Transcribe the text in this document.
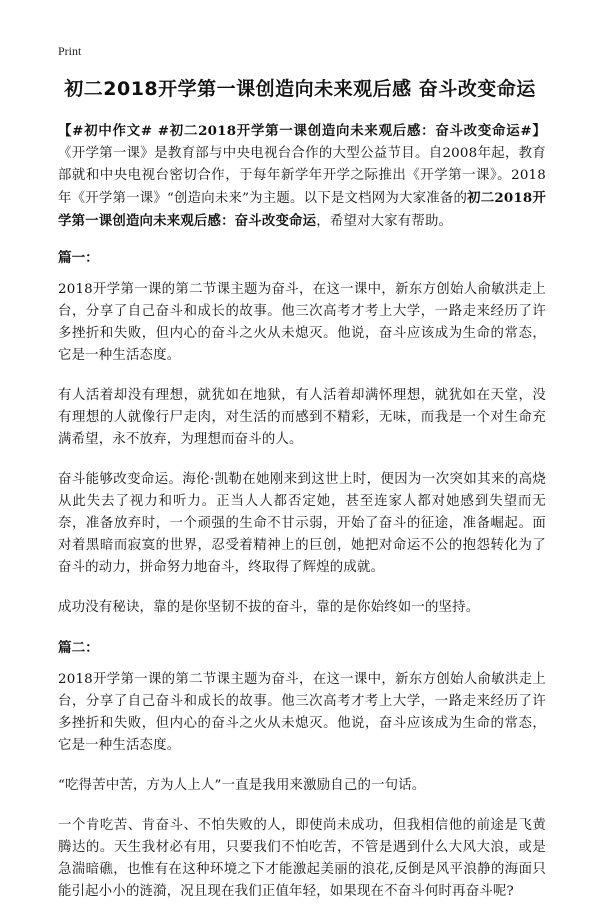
Print
初二2018开学第一课创造向未来观后感 奋斗改变命运

【#初中作文# #初二2018开学第一课创造向未来观后感：奋斗改变命运#】《开学第一课》是教育部与中央电视台合作的大型公益节目。自2008年起，教育部就和中央电视台密切合作，于每年新学年开学之际推出《开学第一课》。2018年《开学第一课》“创造向未来”为主题。以下是文档网为大家准备的初二2018开学第一课创造向未来观后感：奋斗改变命运，希望对大家有帮助。

篇一：

2018开学第一课的第二节课主题为奋斗，在这一课中，新东方创始人俞敏洪走上台，分享了自己奋斗和成长的故事。他三次高考才考上大学，一路走来经历了许多挫折和失败，但内心的奋斗之火从未熄灭。他说，奋斗应该成为生命的常态，它是一种生活态度。

有人活着却没有理想，就犹如在地狱，有人活着却满怀理想，就犹如在天堂，没有理想的人就像行尸走肉，对生活的而感到不精彩，无味，而我是一个对生命充满希望，永不放弃，为理想而奋斗的人。

奋斗能够改变命运。海伦·凯勒在她刚来到这世上时，便因为一次突如其来的高烧从此失去了视力和听力。正当人人都否定她，甚至连家人都对她感到失望而无奈，准备放弃时，一个顽强的生命不甘示弱，开始了奋斗的征途，准备崛起。面对着黑暗而寂寞的世界，忍受着精神上的巨创，她把对命运不公的抱怨转化为了奋斗的动力，拼命努力地奋斗，终取得了辉煌的成就。

成功没有秘诀，靠的是你坚韧不拔的奋斗，靠的是你始终如一的坚持。

篇二：

2018开学第一课的第二节课主题为奋斗，在这一课中，新东方创始人俞敏洪走上台，分享了自己奋斗和成长的故事。他三次高考才考上大学，一路走来经历了许多挫折和失败，但内心的奋斗之火从未熄灭。他说，奋斗应该成为生命的常态，它是一种生活态度。

“吃得苦中苦，方为人上人”一直是我用来激励自己的一句话。

一个肯吃苦、肯奋斗、不怕失败的人，即使尚未成功，但我相信他的前途是飞黄腾达的。天生我材必有用，只要我们不怕吃苦，不管是遇到什么大风大浪，或是急湍暗礁，也惟有在这种环境之下才能激起美丽的浪花,反倒是风平浪静的海面只能引起小小的涟漪，况且现在我们正值年轻，如果现在不奋斗何时再奋斗呢?
